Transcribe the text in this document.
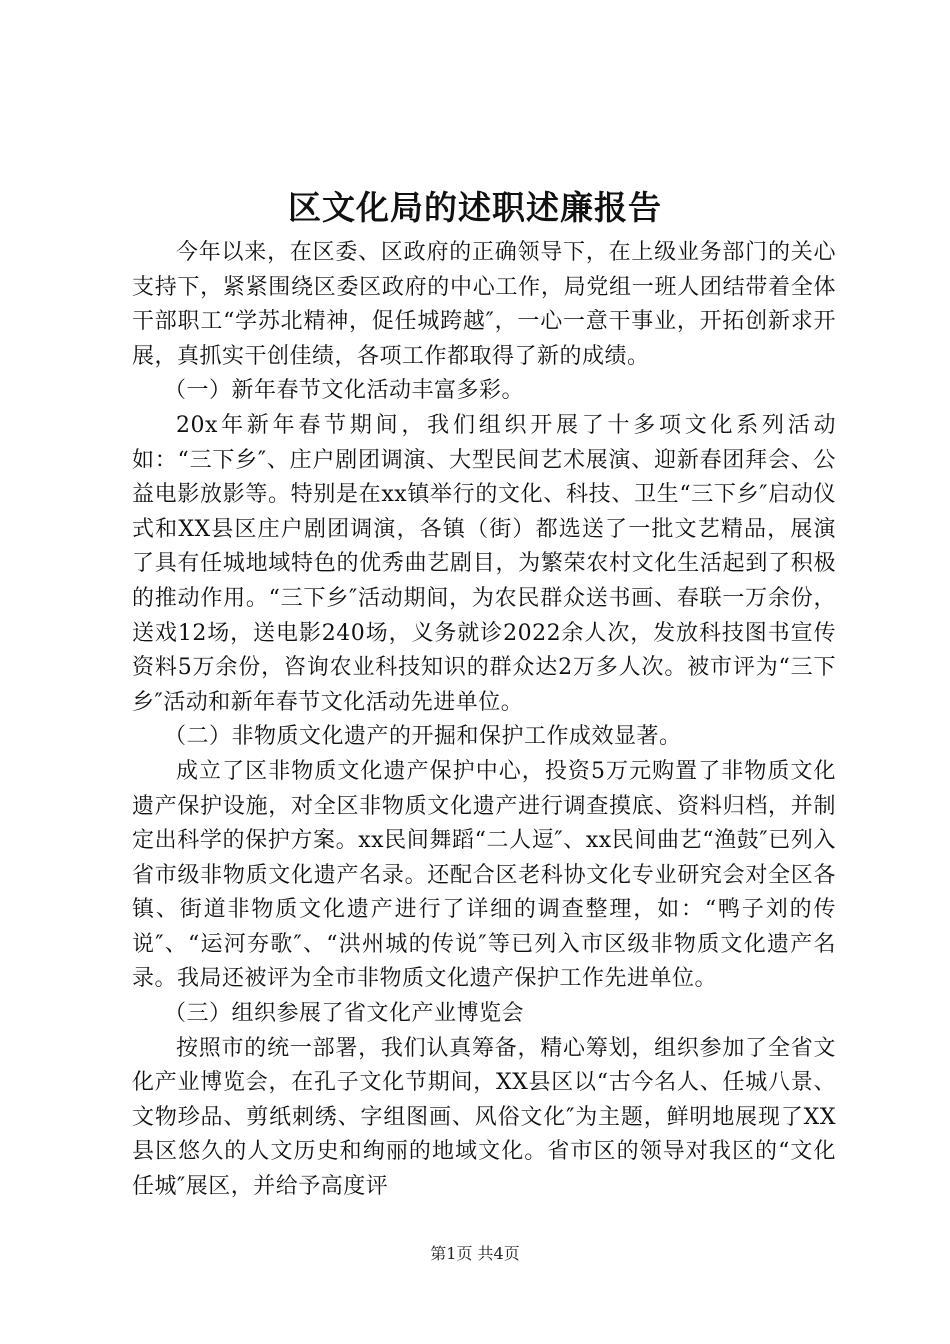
区文化局的述职述廉报告

今年以来，在区委、区政府的正确领导下，在上级业务部门的关心支持下，紧紧围绕区委区政府的中心工作，局党组一班人团结带着全体干部职工“学苏北精神，促任城跨越″，一心一意干事业，开拓创新求开展，真抓实干创佳绩，各项工作都取得了新的成绩。

（一）新年春节文化活动丰富多彩。

20x年新年春节期间，我们组织开展了十多项文化系列活动如：“三下乡″、庄户剧团调演、大型民间艺术展演、迎新春团拜会、公益电影放影等。特别是在xx镇举行的文化、科技、卫生“三下乡″启动仪式和XX县区庄户剧团调演，各镇（街）都选送了一批文艺精品，展演了具有任城地域特色的优秀曲艺剧目，为繁荣农村文化生活起到了积极的推动作用。“三下乡″活动期间，为农民群众送书画、春联一万余份，送戏12场，送电影240场，义务就诊2022余人次，发放科技图书宣传资料5万余份，咨询农业科技知识的群众达2万多人次。被市评为“三下乡″活动和新年春节文化活动先进单位。

（二）非物质文化遗产的开掘和保护工作成效显著。

成立了区非物质文化遗产保护中心，投资5万元购置了非物质文化遗产保护设施，对全区非物质文化遗产进行调查摸底、资料归档，并制定出科学的保护方案。xx民间舞蹈“二人逗″、xx民间曲艺“渔鼓″已列入省市级非物质文化遗产名录。还配合区老科协文化专业研究会对全区各镇、街道非物质文化遗产进行了详细的调查整理，如：“鸭子刘的传说″、“运河夯歌″、“洪州城的传说″等已列入市区级非物质文化遗产名录。我局还被评为全市非物质文化遗产保护工作先进单位。

（三）组织参展了省文化产业博览会

按照市的统一部署，我们认真筹备，精心筹划，组织参加了全省文化产业博览会，在孔子文化节期间，XX县区以“古今名人、任城八景、文物珍品、剪纸刺绣、字组图画、风俗文化″为主题，鲜明地展现了XX县区悠久的人文历史和绚丽的地域文化。省市区的领导对我区的“文化任城″展区，并给予高度评

第1页 共4页
